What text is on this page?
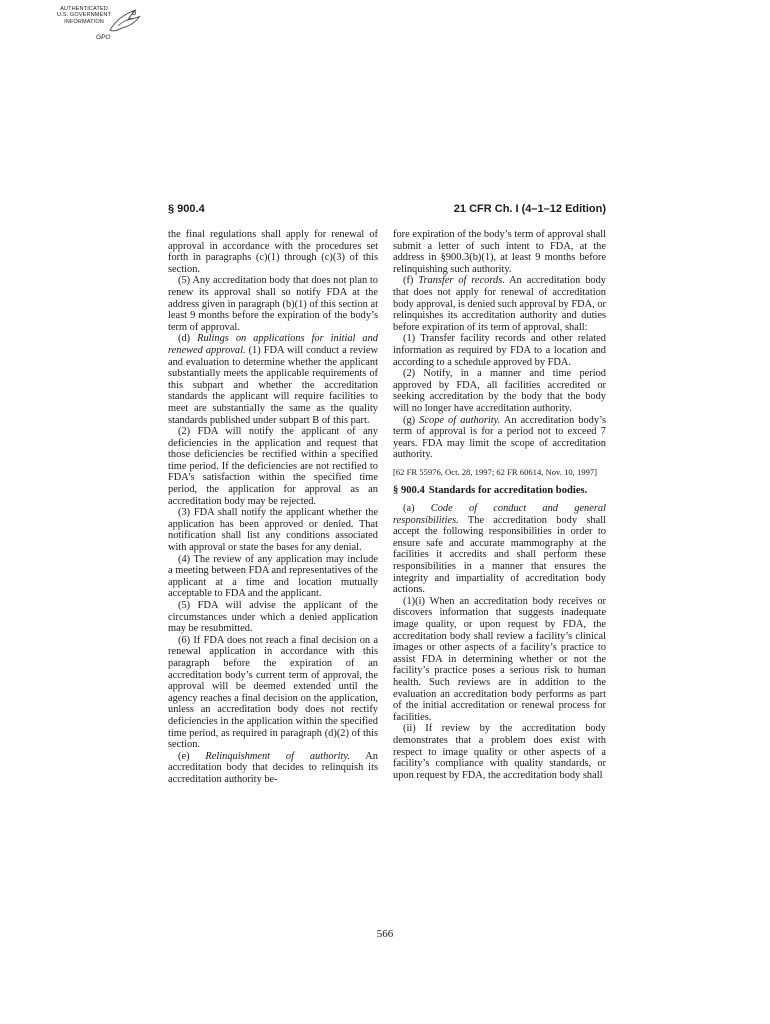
AUTHENTICATED
U.S. GOVERNMENT
INFORMATION
GPO
§ 900.4	21 CFR Ch. I (4–1–12 Edition)

the final regulations shall apply for renewal of approval in accordance with the procedures set forth in paragraphs (c)(1) through (c)(3) of this section.

(5) Any accreditation body that does not plan to renew its approval shall so notify FDA at the address given in paragraph (b)(1) of this section at least 9 months before the expiration of the body’s term of approval.

(d) Rulings on applications for initial and renewed approval. (1) FDA will conduct a review and evaluation to determine whether the applicant substantially meets the applicable requirements of this subpart and whether the accreditation standards the applicant will require facilities to meet are substantially the same as the quality standards published under subpart B of this part.

(2) FDA will notify the applicant of any deficiencies in the application and request that those deficiencies be rectified within a specified time period. If the deficiencies are not rectified to FDA’s satisfaction within the specified time period, the application for approval as an accreditation body may be rejected.

(3) FDA shall notify the applicant whether the application has been approved or denied. That notification shall list any conditions associated with approval or state the bases for any denial.

(4) The review of any application may include a meeting between FDA and representatives of the applicant at a time and location mutually acceptable to FDA and the applicant.

(5) FDA will advise the applicant of the circumstances under which a denied application may be resubmitted.

(6) If FDA does not reach a final decision on a renewal application in accordance with this paragraph before the expiration of an accreditation body’s current term of approval, the approval will be deemed extended until the agency reaches a final decision on the application, unless an accreditation body does not rectify deficiencies in the application within the specified time period, as required in paragraph (d)(2) of this section.

(e) Relinquishment of authority. An accreditation body that decides to relinquish its accreditation authority be-

fore expiration of the body’s term of approval shall submit a letter of such intent to FDA, at the address in §900.3(b)(1), at least 9 months before relinquishing such authority.

(f) Transfer of records. An accreditation body that does not apply for renewal of accreditation body approval, is denied such approval by FDA, or relinquishes its accreditation authority and duties before expiration of its term of approval, shall:

(1) Transfer facility records and other related information as required by FDA to a location and according to a schedule approved by FDA.

(2) Notify, in a manner and time period approved by FDA, all facilities accredited or seeking accreditation by the body that the body will no longer have accreditation authority.

(g) Scope of authority. An accreditation body’s term of approval is for a period not to exceed 7 years. FDA may limit the scope of accreditation authority.

[62 FR 55976, Oct. 28, 1997; 62 FR 60614, Nov. 10, 1997]

§ 900.4 Standards for accreditation bodies.

(a) Code of conduct and general responsibilities. The accreditation body shall accept the following responsibilities in order to ensure safe and accurate mammography at the facilities it accredits and shall perform these responsibilities in a manner that ensures the integrity and impartiality of accreditation body actions.

(1)(i) When an accreditation body receives or discovers information that suggests inadequate image quality, or upon request by FDA, the accreditation body shall review a facility’s clinical images or other aspects of a facility’s practice to assist FDA in determining whether or not the facility’s practice poses a serious risk to human health. Such reviews are in addition to the evaluation an accreditation body performs as part of the initial accreditation or renewal process for facilities.

(ii) If review by the accreditation body demonstrates that a problem does exist with respect to image quality or other aspects of a facility’s compliance with quality standards, or upon request by FDA, the accreditation body shall

566
